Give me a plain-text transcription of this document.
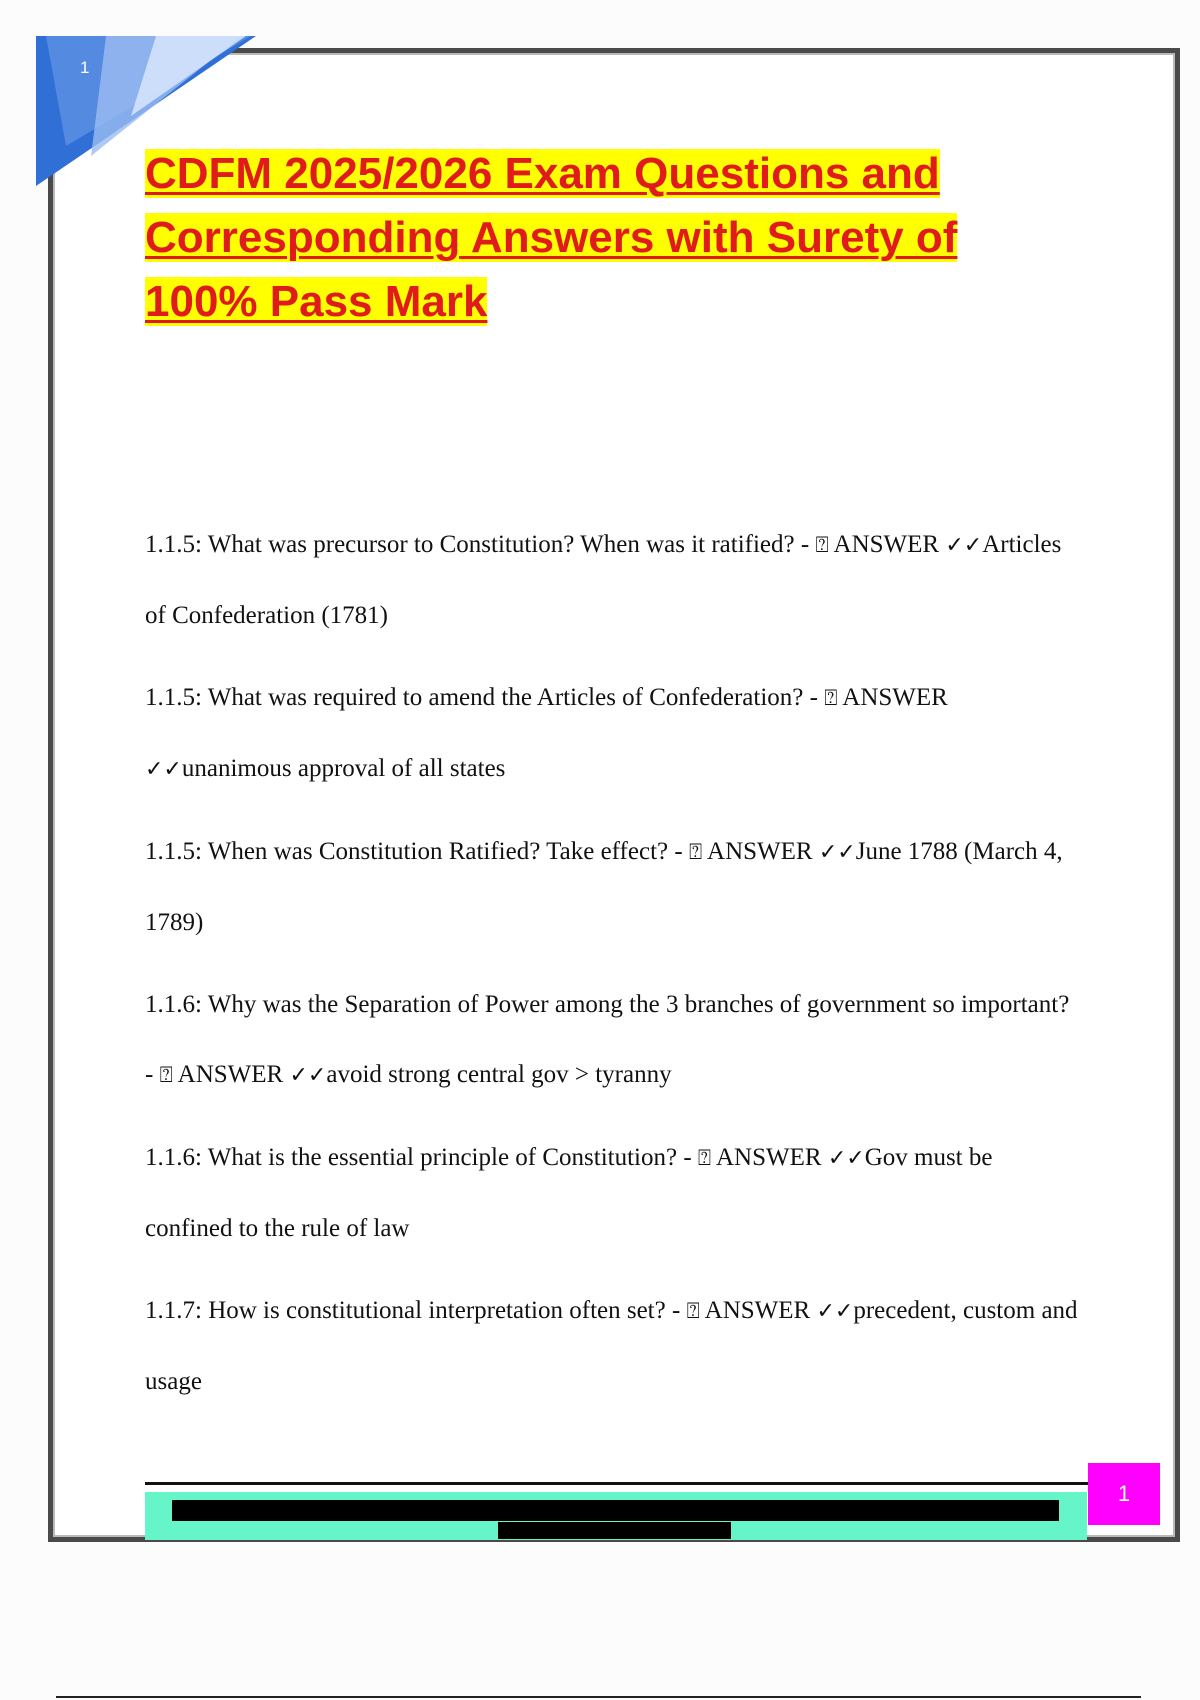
1
CDFM 2025/2026 Exam Questions and Corresponding Answers with Surety of 100% Pass Mark

1.1.5: What was precursor to Constitution? When was it ratified? - ⍰ ANSWER ✓✓Articles of Confederation (1781)

1.1.5: What was required to amend the Articles of Confederation? - ⍰ ANSWER ✓✓unanimous approval of all states

1.1.5: When was Constitution Ratified? Take effect? - ⍰ ANSWER ✓✓June 1788 (March 4, 1789)

1.1.6: Why was the Separation of Power among the 3 branches of government so important? - ⍰ ANSWER ✓✓avoid strong central gov > tyranny

1.1.6: What is the essential principle of Constitution? - ⍰ ANSWER ✓✓Gov must be confined to the rule of law

1.1.7: How is constitutional interpretation often set? - ⍰ ANSWER ✓✓precedent, custom and usage

1
